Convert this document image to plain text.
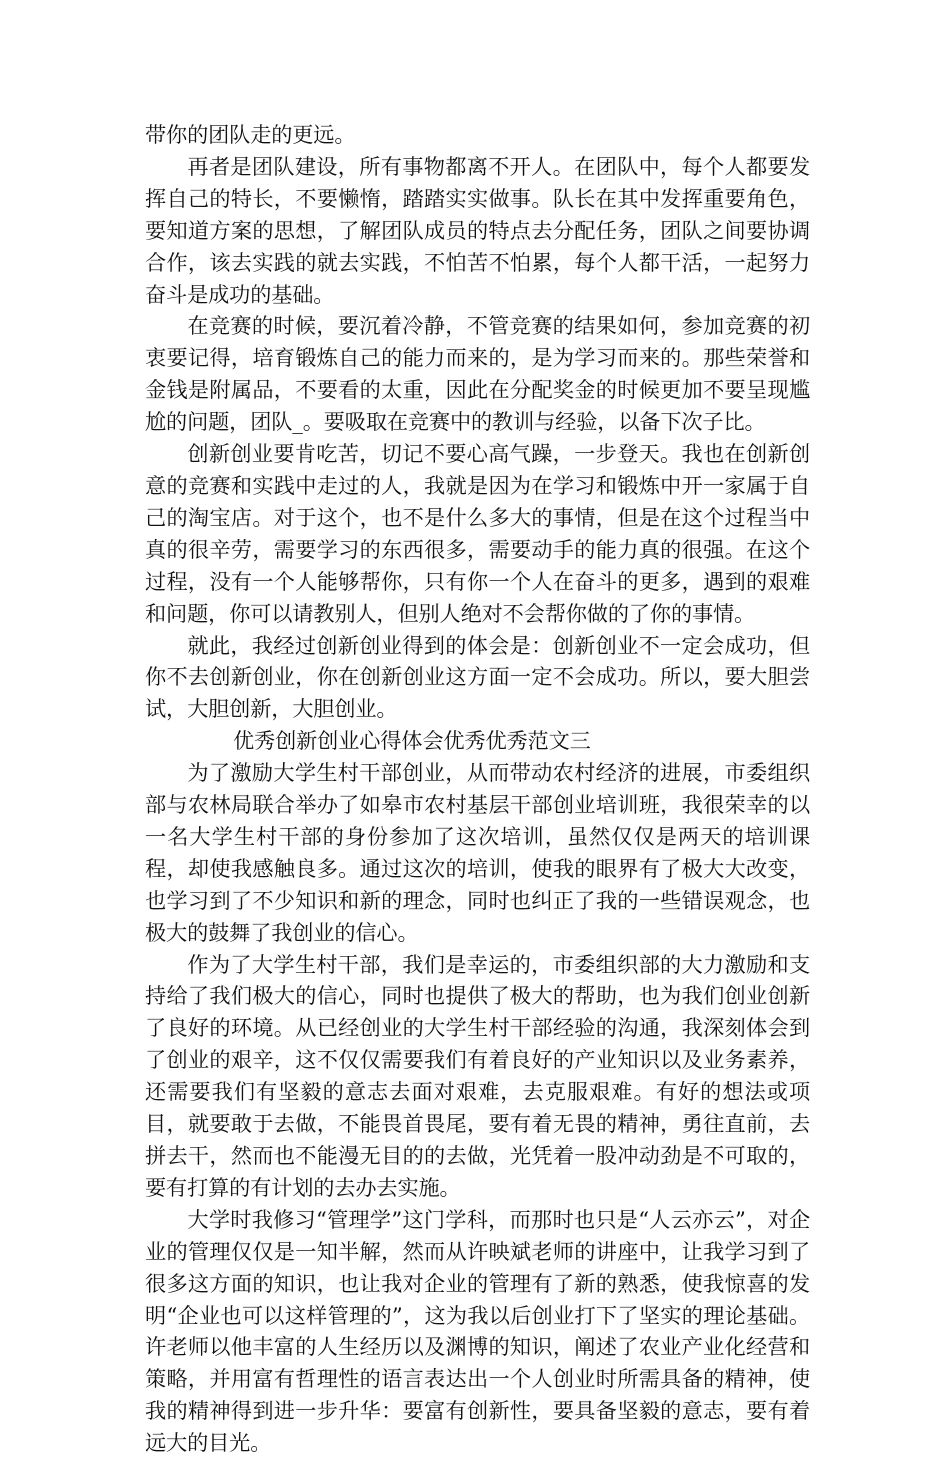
带你的团队走的更远。

再者是团队建设，所有事物都离不开人。在团队中，每个人都要发挥自己的特长，不要懒惰，踏踏实实做事。队长在其中发挥重要角色，要知道方案的思想，了解团队成员的特点去分配任务，团队之间要协调合作，该去实践的就去实践，不怕苦不怕累，每个人都干活，一起努力奋斗是成功的基础。

在竞赛的时候，要沉着冷静，不管竞赛的结果如何，参加竞赛的初衷要记得，培育锻炼自己的能力而来的，是为学习而来的。那些荣誉和金钱是附属品，不要看的太重，因此在分配奖金的时候更加不要呈现尴尬的问题，团队_。要吸取在竞赛中的教训与经验，以备下次子比。

创新创业要肯吃苦，切记不要心高气躁，一步登天。我也在创新创意的竞赛和实践中走过的人，我就是因为在学习和锻炼中开一家属于自己的淘宝店。对于这个，也不是什么多大的事情，但是在这个过程当中真的很辛劳，需要学习的东西很多，需要动手的能力真的很强。在这个过程，没有一个人能够帮你，只有你一个人在奋斗的更多，遇到的艰难和问题，你可以请教别人，但别人绝对不会帮你做的了你的事情。

就此，我经过创新创业得到的体会是：创新创业不一定会成功，但你不去创新创业，你在创新创业这方面一定不会成功。所以，要大胆尝试，大胆创新，大胆创业。

优秀创新创业心得体会优秀优秀范文三

为了激励大学生村干部创业，从而带动农村经济的进展，市委组织部与农林局联合举办了如皋市农村基层干部创业培训班，我很荣幸的以一名大学生村干部的身份参加了这次培训，虽然仅仅是两天的培训课程，却使我感触良多。通过这次的培训，使我的眼界有了极大大改变，也学习到了不少知识和新的理念，同时也纠正了我的一些错误观念，也极大的鼓舞了我创业的信心。

作为了大学生村干部，我们是幸运的，市委组织部的大力激励和支持给了我们极大的信心，同时也提供了极大的帮助，也为我们创业创新了良好的环境。从已经创业的大学生村干部经验的沟通，我深刻体会到了创业的艰辛，这不仅仅需要我们有着良好的产业知识以及业务素养，还需要我们有坚毅的意志去面对艰难，去克服艰难。有好的想法或项目，就要敢于去做，不能畏首畏尾，要有着无畏的精神，勇往直前，去拼去干，然而也不能漫无目的的去做，光凭着一股冲动劲是不可取的，要有打算的有计划的去办去实施。

大学时我修习“管理学”这门学科，而那时也只是“人云亦云”，对企业的管理仅仅是一知半解，然而从许映斌老师的讲座中，让我学习到了很多这方面的知识，也让我对企业的管理有了新的熟悉，使我惊喜的发明“企业也可以这样管理的”，这为我以后创业打下了坚实的理论基础。许老师以他丰富的人生经历以及渊博的知识，阐述了农业产业化经营和策略，并用富有哲理性的语言表达出一个人创业时所需具备的精神，使我的精神得到进一步升华：要富有创新性，要具备坚毅的意志，要有着远大的目光。
